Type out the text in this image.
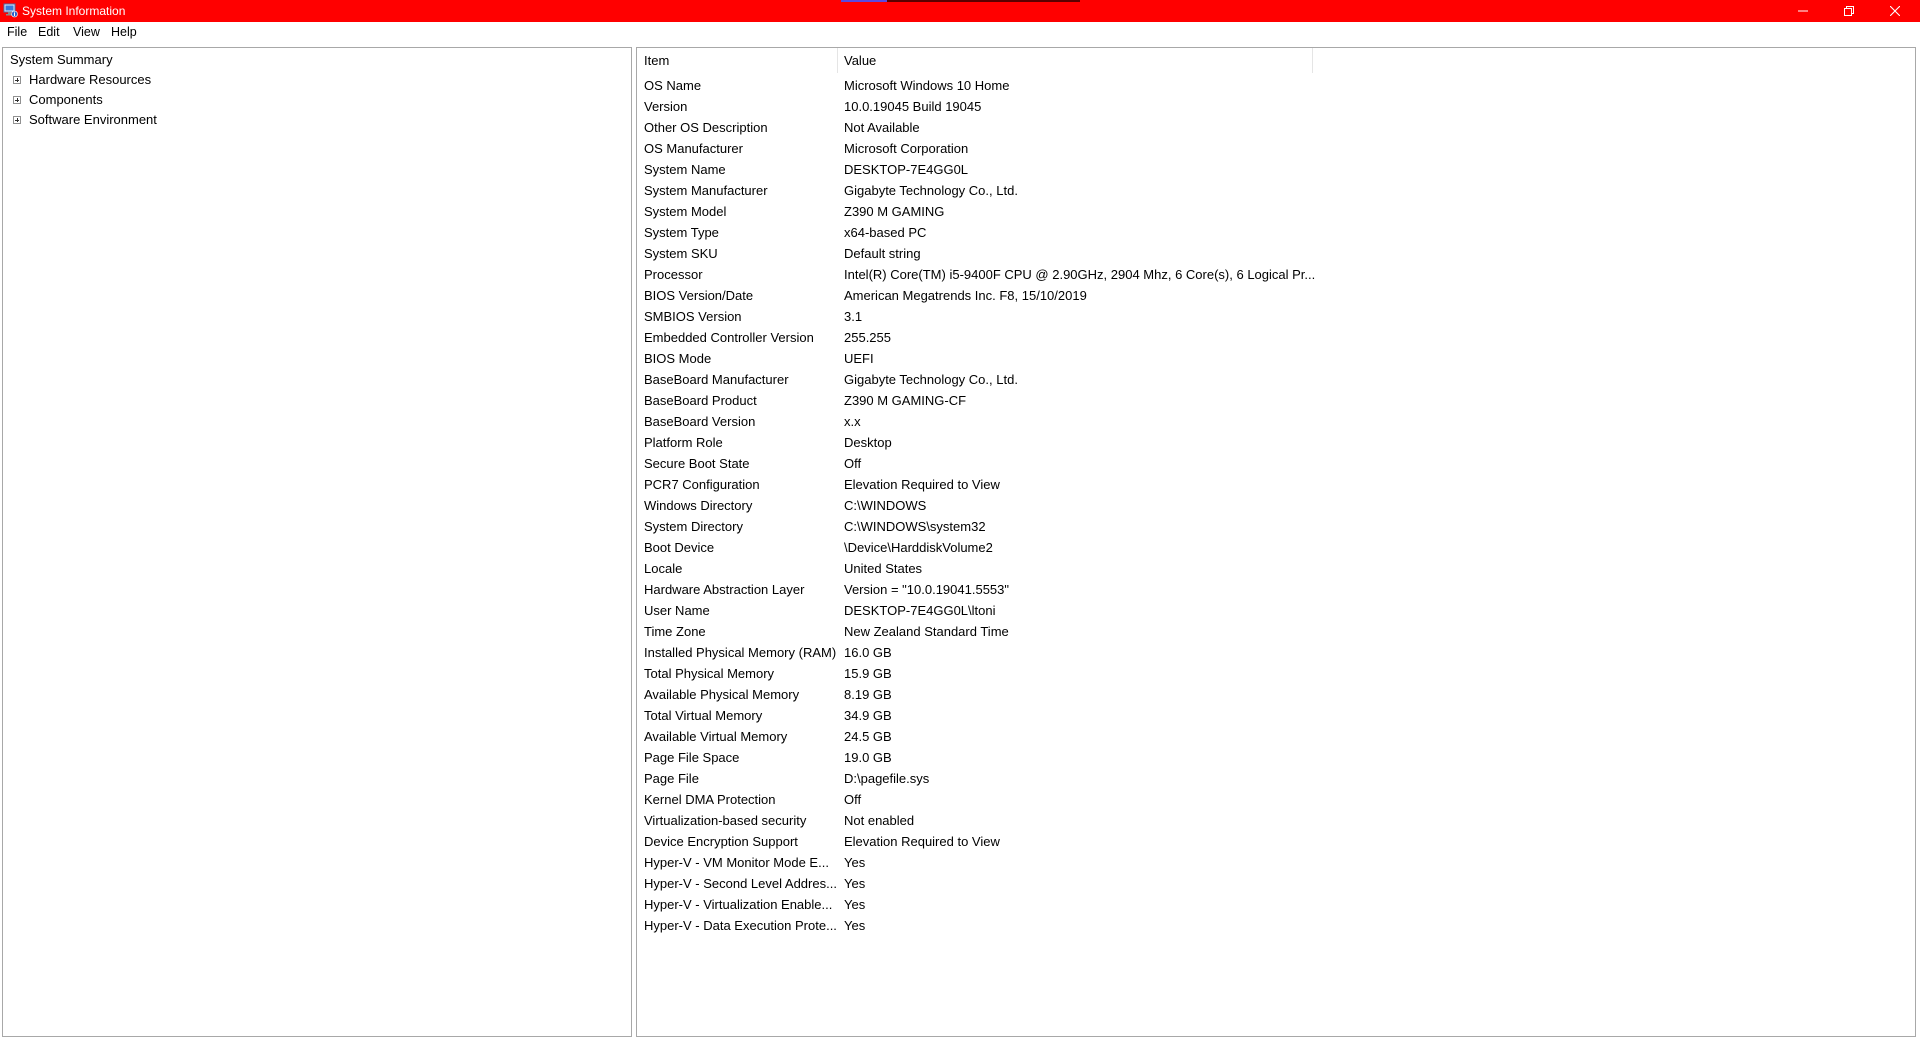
System Information
File Edit View Help
System Summary
Hardware Resources
Components
Software Environment
Item	Value
OS Name	Microsoft Windows 10 Home
Version	10.0.19045 Build 19045
Other OS Description	Not Available
OS Manufacturer	Microsoft Corporation
System Name	DESKTOP-7E4GG0L
System Manufacturer	Gigabyte Technology Co., Ltd.
System Model	Z390 M GAMING
System Type	x64-based PC
System SKU	Default string
Processor	Intel(R) Core(TM) i5-9400F CPU @ 2.90GHz, 2904 Mhz, 6 Core(s), 6 Logical Pr...
BIOS Version/Date	American Megatrends Inc. F8, 15/10/2019
SMBIOS Version	3.1
Embedded Controller Version	255.255
BIOS Mode	UEFI
BaseBoard Manufacturer	Gigabyte Technology Co., Ltd.
BaseBoard Product	Z390 M GAMING-CF
BaseBoard Version	x.x
Platform Role	Desktop
Secure Boot State	Off
PCR7 Configuration	Elevation Required to View
Windows Directory	C:\WINDOWS
System Directory	C:\WINDOWS\system32
Boot Device	\Device\HarddiskVolume2
Locale	United States
Hardware Abstraction Layer	Version = "10.0.19041.5553"
User Name	DESKTOP-7E4GG0L\ltoni
Time Zone	New Zealand Standard Time
Installed Physical Memory (RAM) 16.0 GB
Total Physical Memory	15.9 GB
Available Physical Memory	8.19 GB
Total Virtual Memory	34.9 GB
Available Virtual Memory	24.5 GB
Page File Space	19.0 GB
Page File	D:\pagefile.sys
Kernel DMA Protection	Off
Virtualization-based security	Not enabled
Device Encryption Support	Elevation Required to View
Hyper-V - VM Monitor Mode E...	Yes
Hyper-V - Second Level Addres... Yes
Hyper-V - Virtualization Enable... Yes
Hyper-V - Data Execution Prote... Yes
